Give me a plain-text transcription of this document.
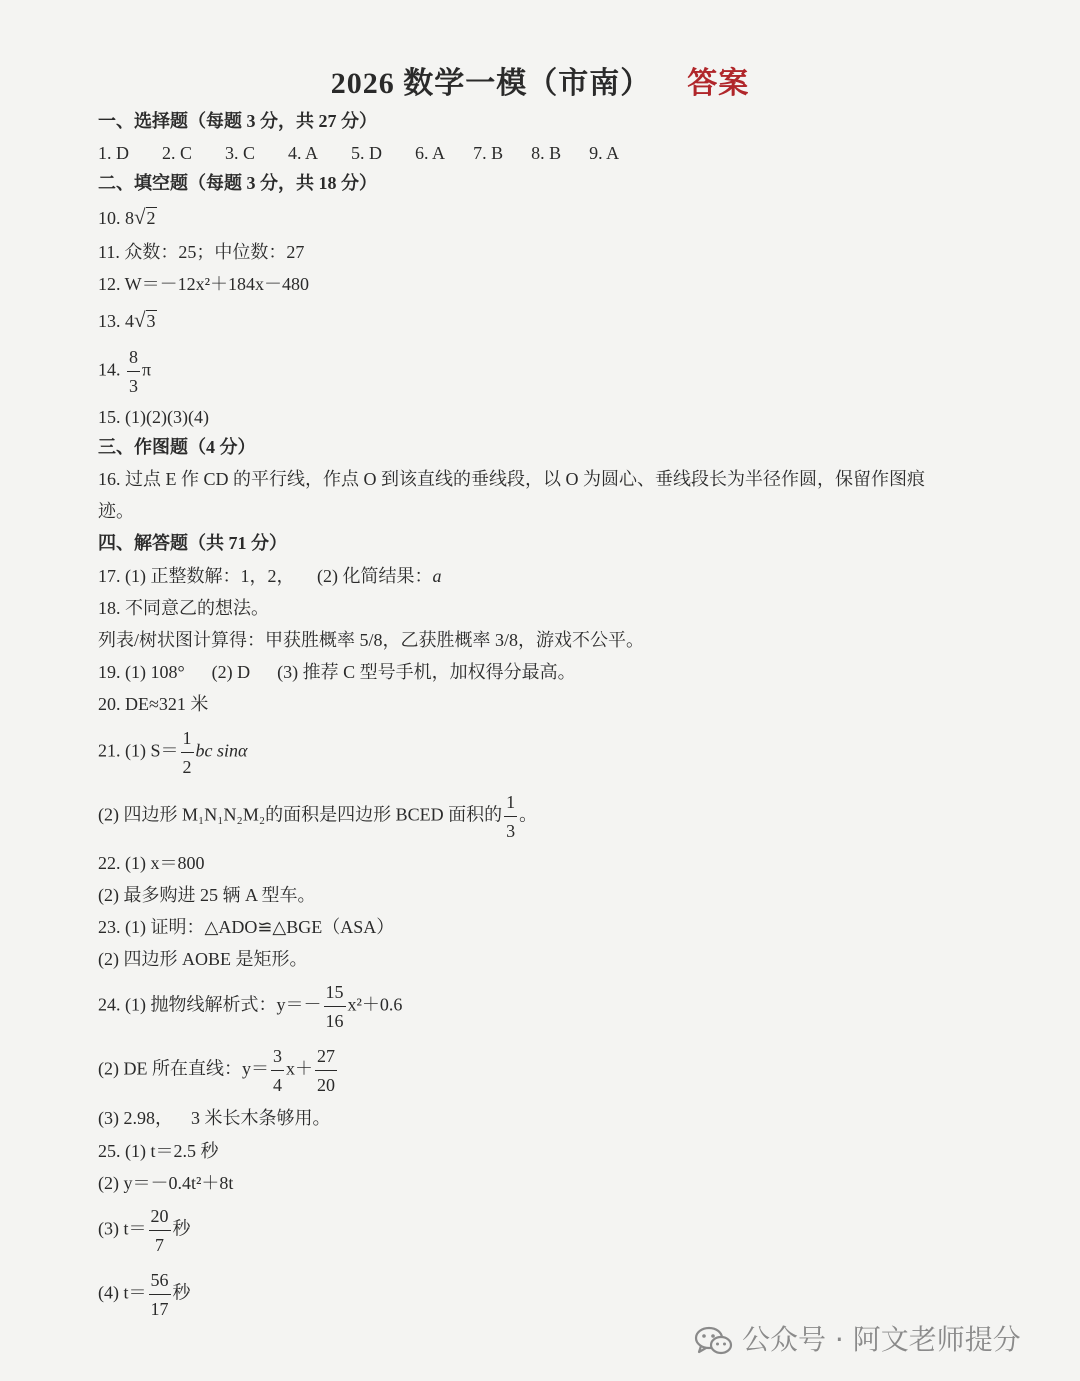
2026 数学一模（市南） 答案
一、选择题（每题 3 分，共 27 分）
1. D 2. C 3. C 4. A 5. D 6. A 7. B 8. B 9. A
二、填空题（每题 3 分，共 18 分）
10. 8√2
11. 众数：25；中位数：27
12. W＝－12x²＋184x－480
13. 4√3
14. $\frac{8}{3}$ π
15. (1)(2)(3)(4)
三、作图题（4 分）
16. 过点 E 作 CD 的平行线，作点 O 到该直线的垂线段，以 O 为圆心、垂线段长为半径作圆，保留作图痕
迹。
四、解答题（共 71 分）
17. (1) 正整数解：1，2，     (2) 化简结果：a
18. 不同意乙的想法。
列表/树状图计算得：甲获胜概率 5/8，乙获胜概率 3/8，游戏不公平。
19. (1) 108°      (2) D      (3) 推荐 C 型号手机，加权得分最高。
20. DE≈321 米
21. (1) $S= \frac{1}{2}$ bc sinα
(2) 四边形 M₁N₁N₂M₂的面积是四边形 BCED 面积的 $\frac{1}{3}$ 。
22. (1) x＝800
(2) 最多购进 25 辆 A 型车。
23. (1) 证明：△ADO≌△BGE（ASA）
(2) 四边形 AOBE 是矩形。
24. (1) 抛物线解析式：$y=- \frac{15}{16} x^2+0.6$
(2) DE 所在直线：$y= \frac{3}{4} x+ \frac{27}{20}$
(3) 2.98，    3 米长木条够用。
25. (1) t＝2.5 秒
(2) y＝－0.4t²＋8t
(3) $t= \frac{20}{7}$ 秒
(4) $t= \frac{56}{17}$ 秒
公众号 · 阿文老师提分
